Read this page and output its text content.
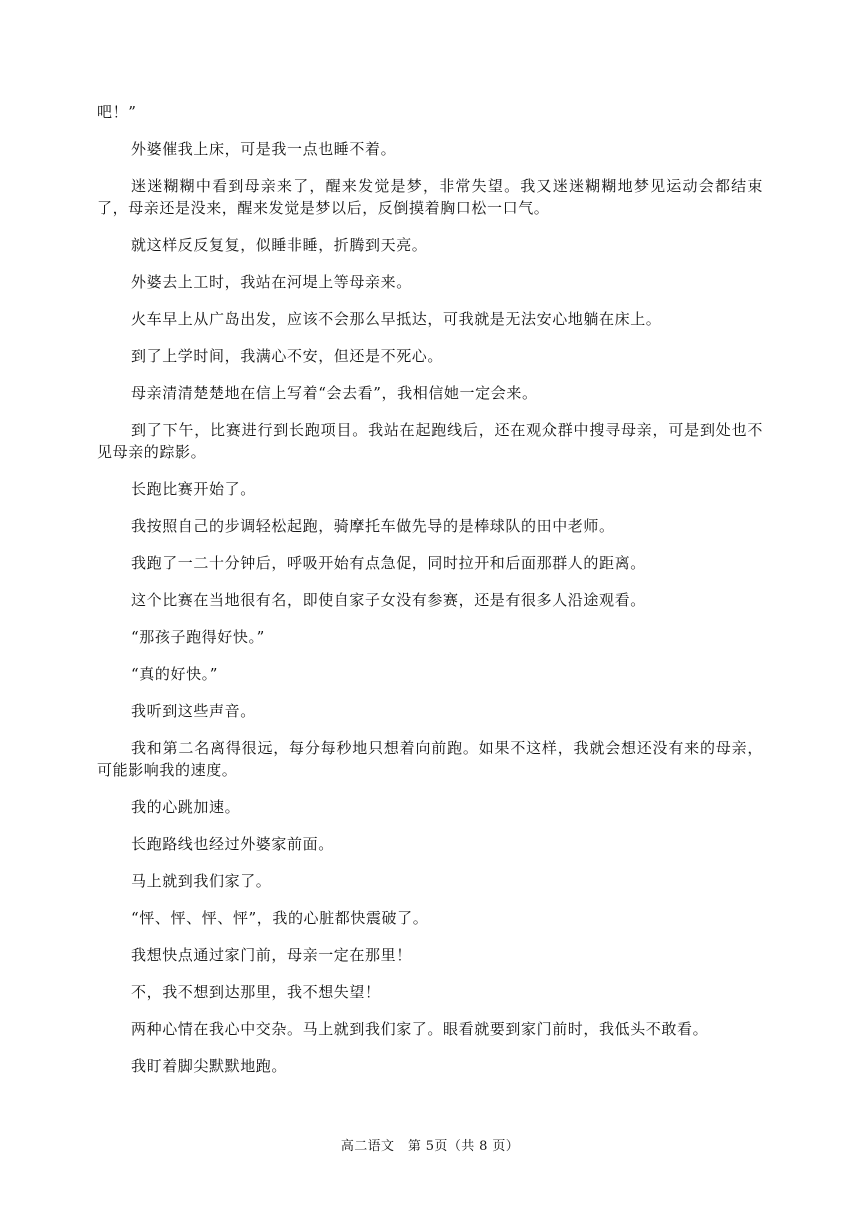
吧！”

外婆催我上床，可是我一点也睡不着。

迷迷糊糊中看到母亲来了，醒来发觉是梦，非常失望。我又迷迷糊糊地梦见运动会都结束了，母亲还是没来，醒来发觉是梦以后，反倒摸着胸口松一口气。

就这样反反复复，似睡非睡，折腾到天亮。

外婆去上工时，我站在河堤上等母亲来。

火车早上从广岛出发，应该不会那么早抵达，可我就是无法安心地躺在床上。

到了上学时间，我满心不安，但还是不死心。

母亲清清楚楚地在信上写着“会去看”，我相信她一定会来。

到了下午，比赛进行到长跑项目。我站在起跑线后，还在观众群中搜寻母亲，可是到处也不见母亲的踪影。

长跑比赛开始了。

我按照自己的步调轻松起跑，骑摩托车做先导的是棒球队的田中老师。

我跑了一二十分钟后，呼吸开始有点急促，同时拉开和后面那群人的距离。

这个比赛在当地很有名，即使自家子女没有参赛，还是有很多人沿途观看。

“那孩子跑得好快。”

“真的好快。”

我听到这些声音。

我和第二名离得很远，每分每秒地只想着向前跑。如果不这样，我就会想还没有来的母亲，可能影响我的速度。

我的心跳加速。

长跑路线也经过外婆家前面。

马上就到我们家了。

“怦、怦、怦、怦”，我的心脏都快震破了。

我想快点通过家门前，母亲一定在那里！

不，我不想到达那里，我不想失望！

两种心情在我心中交杂。马上就到我们家了。眼看就要到家门前时，我低头不敢看。

我盯着脚尖默默地跑。

高二语文　第 5页（共 8 页）
